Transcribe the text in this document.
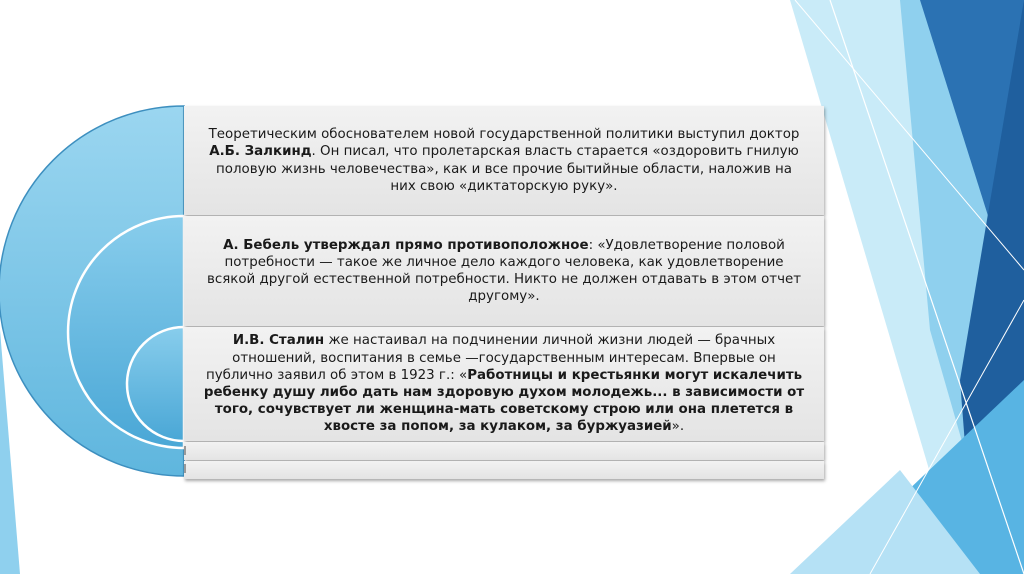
Теоретическим обоснователем новой государственной политики выступил доктор А.Б. Залкинд. Он писал, что пролетарская власть старается «оздоровить гнилую половую жизнь человечества», как и все прочие бытийные области, наложив на них свою «диктаторскую руку».
А. Бебель утверждал прямо противоположное: «Удовлетворение половой потребности — такое же личное дело каждого человека, как удовлетворение всякой другой естественной потребности. Никто не должен отдавать в этом отчет другому».
И.В. Сталин же настаивал на подчинении личной жизни людей — брачных отношений, воспитания в семье —государственным интересам. Впервые он публично заявил об этом в 1923 г.: «Работницы и крестьянки могут искалечить ребенку душу либо дать нам здоровую духом молодежь... в зависимости от того, сочувствует ли женщина-мать советскому строю или она плетется в хвосте за попом, за кулаком, за буржуазией».
